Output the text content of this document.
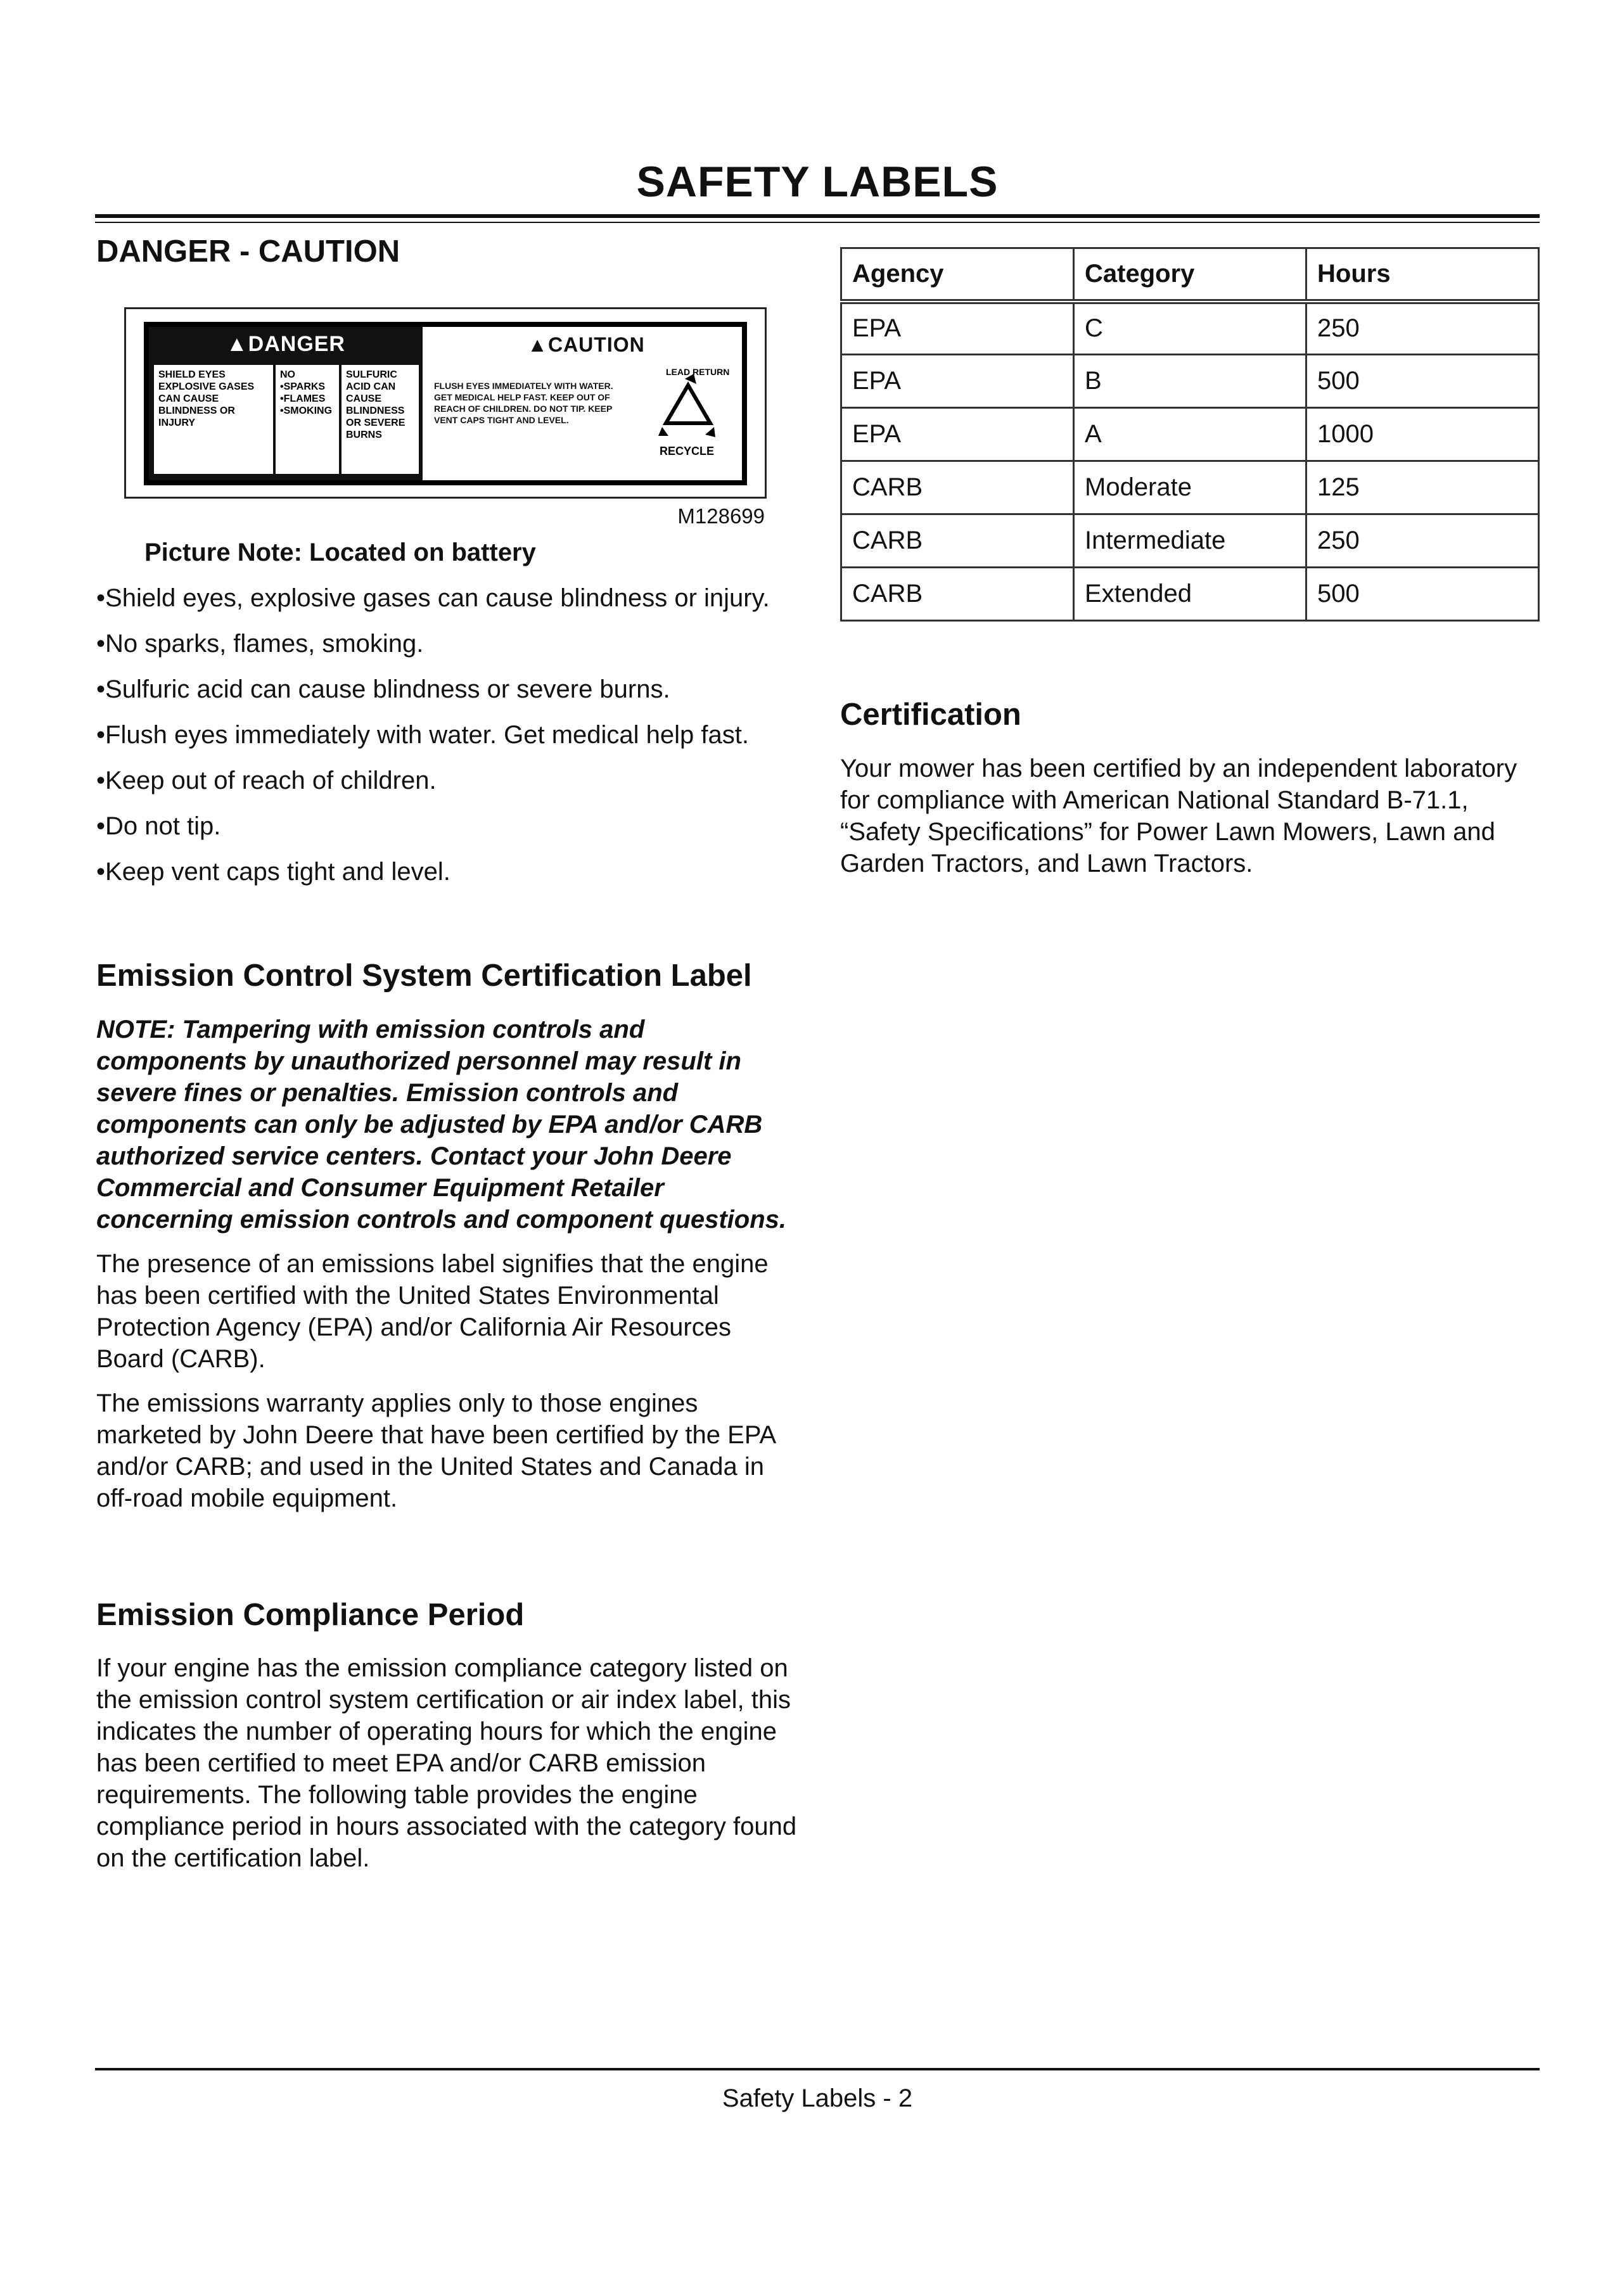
SAFETY LABELS
DANGER - CAUTION
▲DANGER
SHIELD EYES EXPLOSIVE GASES CAN CAUSE BLINDNESS OR INJURY
NO •SPARKS •FLAMES •SMOKING
SULFURIC ACID CAN CAUSE BLINDNESS OR SEVERE BURNS
▲CAUTION
FLUSH EYES IMMEDIATELY WITH WATER. GET MEDICAL HELP FAST. KEEP OUT OF REACH OF CHILDREN. DO NOT TIP. KEEP VENT CAPS TIGHT AND LEVEL.
LEAD RETURN
RECYCLE
M128699

Picture Note: Located on battery

• Shield eyes, explosive gases can cause blindness or injury.
• No sparks, flames, smoking.
• Sulfuric acid can cause blindness or severe burns.
• Flush eyes immediately with water. Get medical help fast.
• Keep out of reach of children.
• Do not tip.
• Keep vent caps tight and level.
Emission Control System Certification Label

NOTE: Tampering with emission controls and components by unauthorized personnel may result in severe fines or penalties. Emission controls and components can only be adjusted by EPA and/or CARB authorized service centers. Contact your John Deere Commercial and Consumer Equipment Retailer concerning emission controls and component questions.

The presence of an emissions label signifies that the engine has been certified with the United States Environmental Protection Agency (EPA) and/or California Air Resources Board (CARB).

The emissions warranty applies only to those engines marketed by John Deere that have been certified by the EPA and/or CARB; and used in the United States and Canada in off-road mobile equipment.

Emission Compliance Period

If your engine has the emission compliance category listed on the emission control system certification or air index label, this indicates the number of operating hours for which the engine has been certified to meet EPA and/or CARB emission requirements. The following table provides the engine compliance period in hours associated with the category found on the certification label.

Agency	Category	Hours
EPA	C	250
EPA	B	500
EPA	A	1000
CARB	Moderate	125
CARB	Intermediate	250
CARB	Extended	500
Certification

Your mower has been certified by an independent laboratory for compliance with American National Standard B-71.1, “Safety Specifications” for Power Lawn Mowers, Lawn and Garden Tractors, and Lawn Tractors.

Safety Labels - 2
